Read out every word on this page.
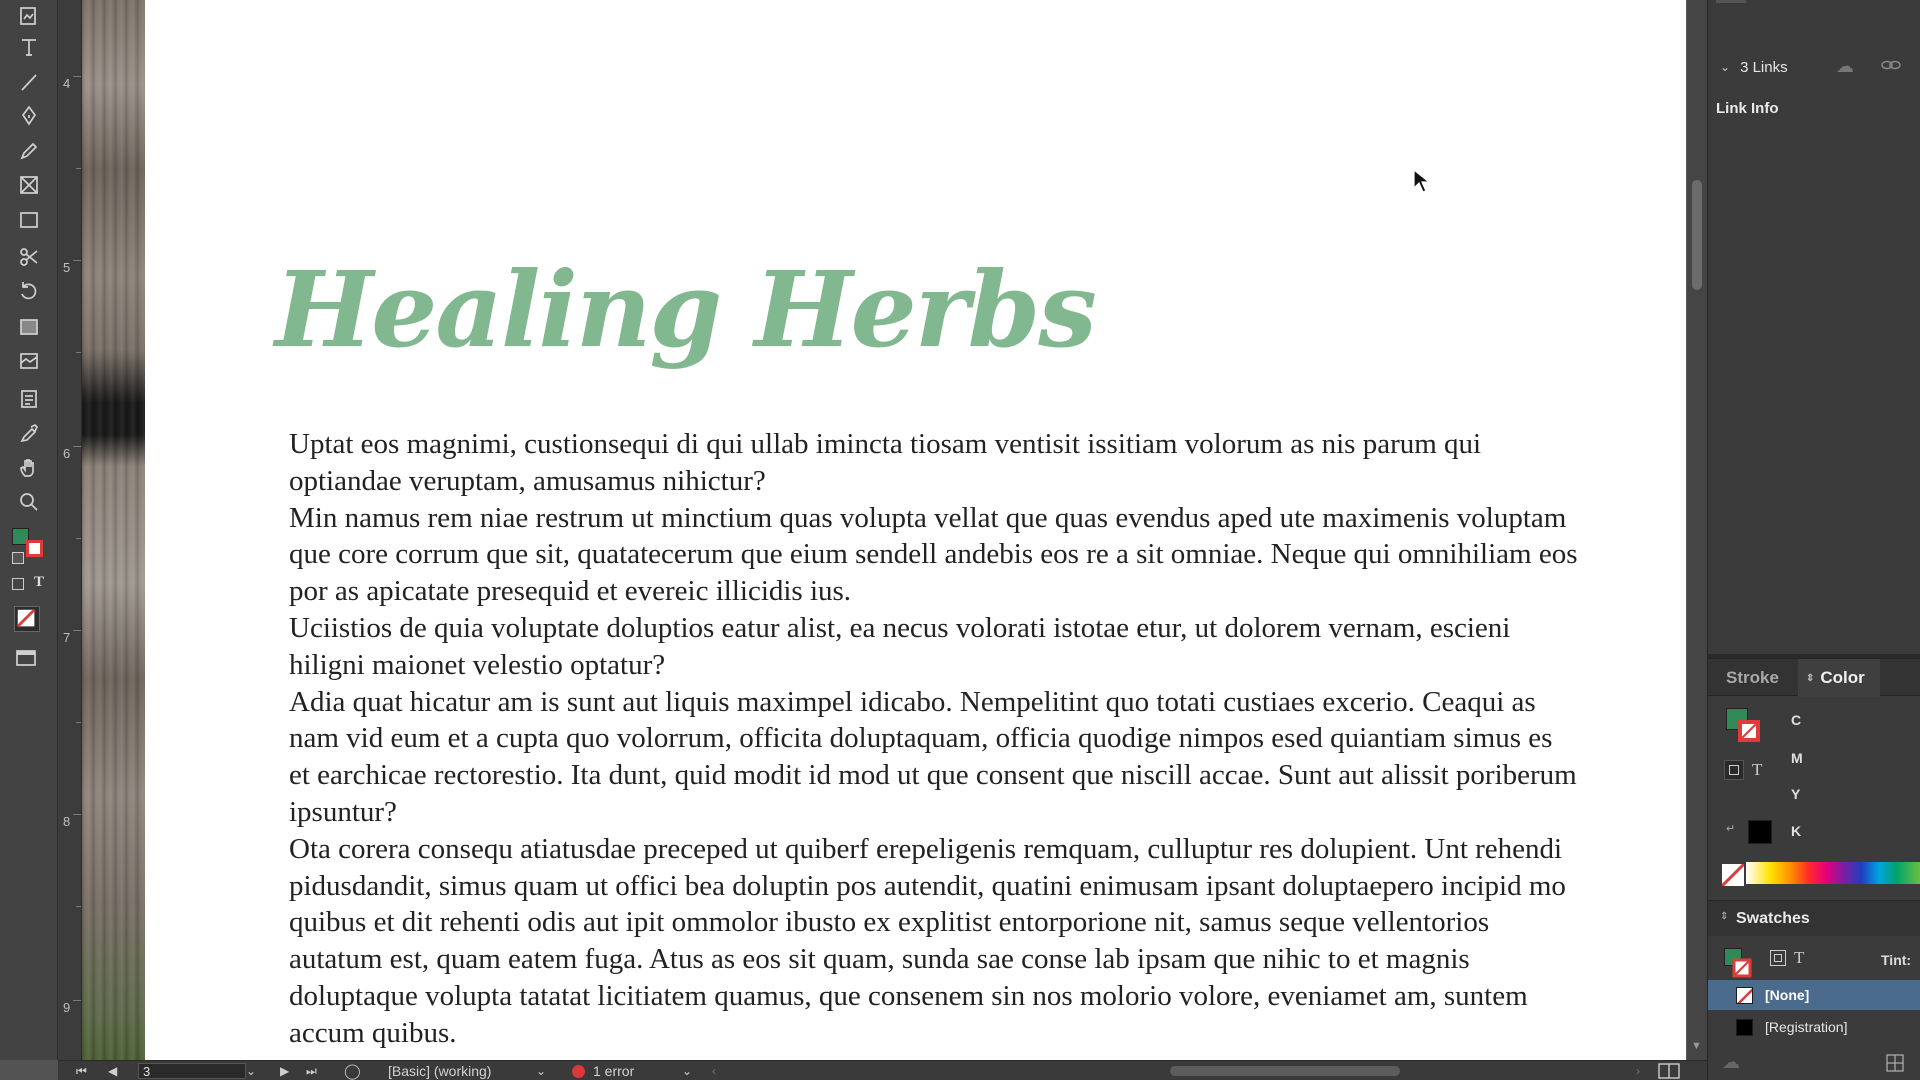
T
4
5
6
7
8
9
Healing Herbs

Uptat eos magnimi, custionsequi di qui ullab imincta tiosam ventisit issitiam volorum as nis parum qui optiandae veruptam, amusamus nihictur?

Min namus rem niae restrum ut minctium quas volupta vellat que quas evendus aped ute maximenis voluptam que core corrum que sit, quatatecerum que eium sendell andebis eos re a sit omniae. Neque qui omnihiliam eos por as apicatate presequid et evereic illicidis ius.

Uciistios de quia voluptate doluptios eatur alist, ea necus volorati istotae etur, ut dolorem vernam, escieni hiligni maionet velestio optatur?

Adia quat hicatur am is sunt aut liquis maximpel idicabo. Nempelitint quo totati custiaes excerio. Ceaqui as nam vid eum et a cupta quo volorrum, officita doluptaquam, officia quodige nimpos esed quiantiam simus es et earchicae rectorestio. Ita dunt, quid modit id mod ut que consent que niscill accae. Sunt aut alissit poriberum ipsuntur?

Ota corera consequ atiatusdae preceped ut quiberf erepeligenis remquam, culluptur res dolupient. Unt rehendi pidusdandit, simus quam ut offici bea doluptin pos autendit, quatini enimusam ipsant doluptaepero incipid mo quibus et dit rehenti odis aut ipit ommolor ibusto ex explitist entorporione nit, samus seque vellentorios autatum est, quam eatem fuga. Atus as eos sit quam, sunda sae conse lab ipsam que nihic to et magnis doluptaque volupta tatatat licitiatem quamus, que consenem sin nos molorio volore, eveniamet am, suntem accum quibus.	▼
⏮ ◀	3	⌄ ▶ ⏭ ◯ [Basic] (working)	⌄	1 error	⌄ ‹	›
⌄ 3 Links	☁
Link Info
Stroke	⇕ Color
T
↵
C
M
Y
K
⇕ Swatches
T	Tint:
[None]
[Registration]
☁
